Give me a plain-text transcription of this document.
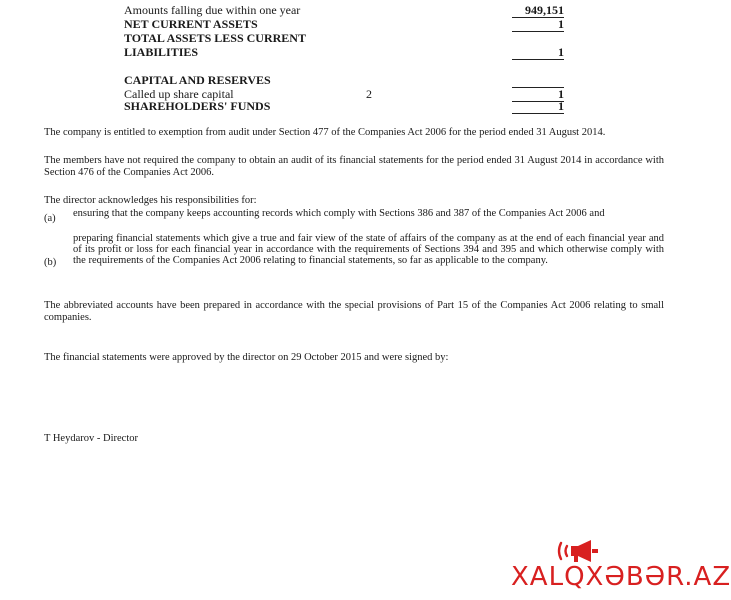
Amounts falling due within one year	949,151
NET CURRENT ASSETS	1
TOTAL ASSETS LESS CURRENT
LIABILITIES	1
CAPITAL AND RESERVES
Called up share capital	2	1
SHAREHOLDERS' FUNDS	1
The company is entitled to exemption from audit under Section 477 of the Companies Act 2006 for the period ended 31 August 2014.
The members have not required the company to obtain an audit of its financial statements for the period ended 31 August 2014 in accordance with Section 476 of the Companies Act 2006.
The director acknowledges his responsibilities for:
(a) ensuring that the company keeps accounting records which comply with Sections 386 and 387 of the Companies Act 2006 and
(b)
preparing financial statements which give a true and fair view of the state of affairs of the company as at the end of each financial year and of its profit or loss for each financial year in accordance with the requirements of Sections 394 and 395 and which otherwise comply with the requirements of the Companies Act 2006 relating to financial statements, so far as applicable to the company.
The abbreviated accounts have been prepared in accordance with the special provisions of Part 15 of the Companies Act 2006 relating to small companies.
The financial statements were approved by the director on 29 October 2015 and were signed by:
T Heydarov - Director
XALQXƏBƏR.AZ
